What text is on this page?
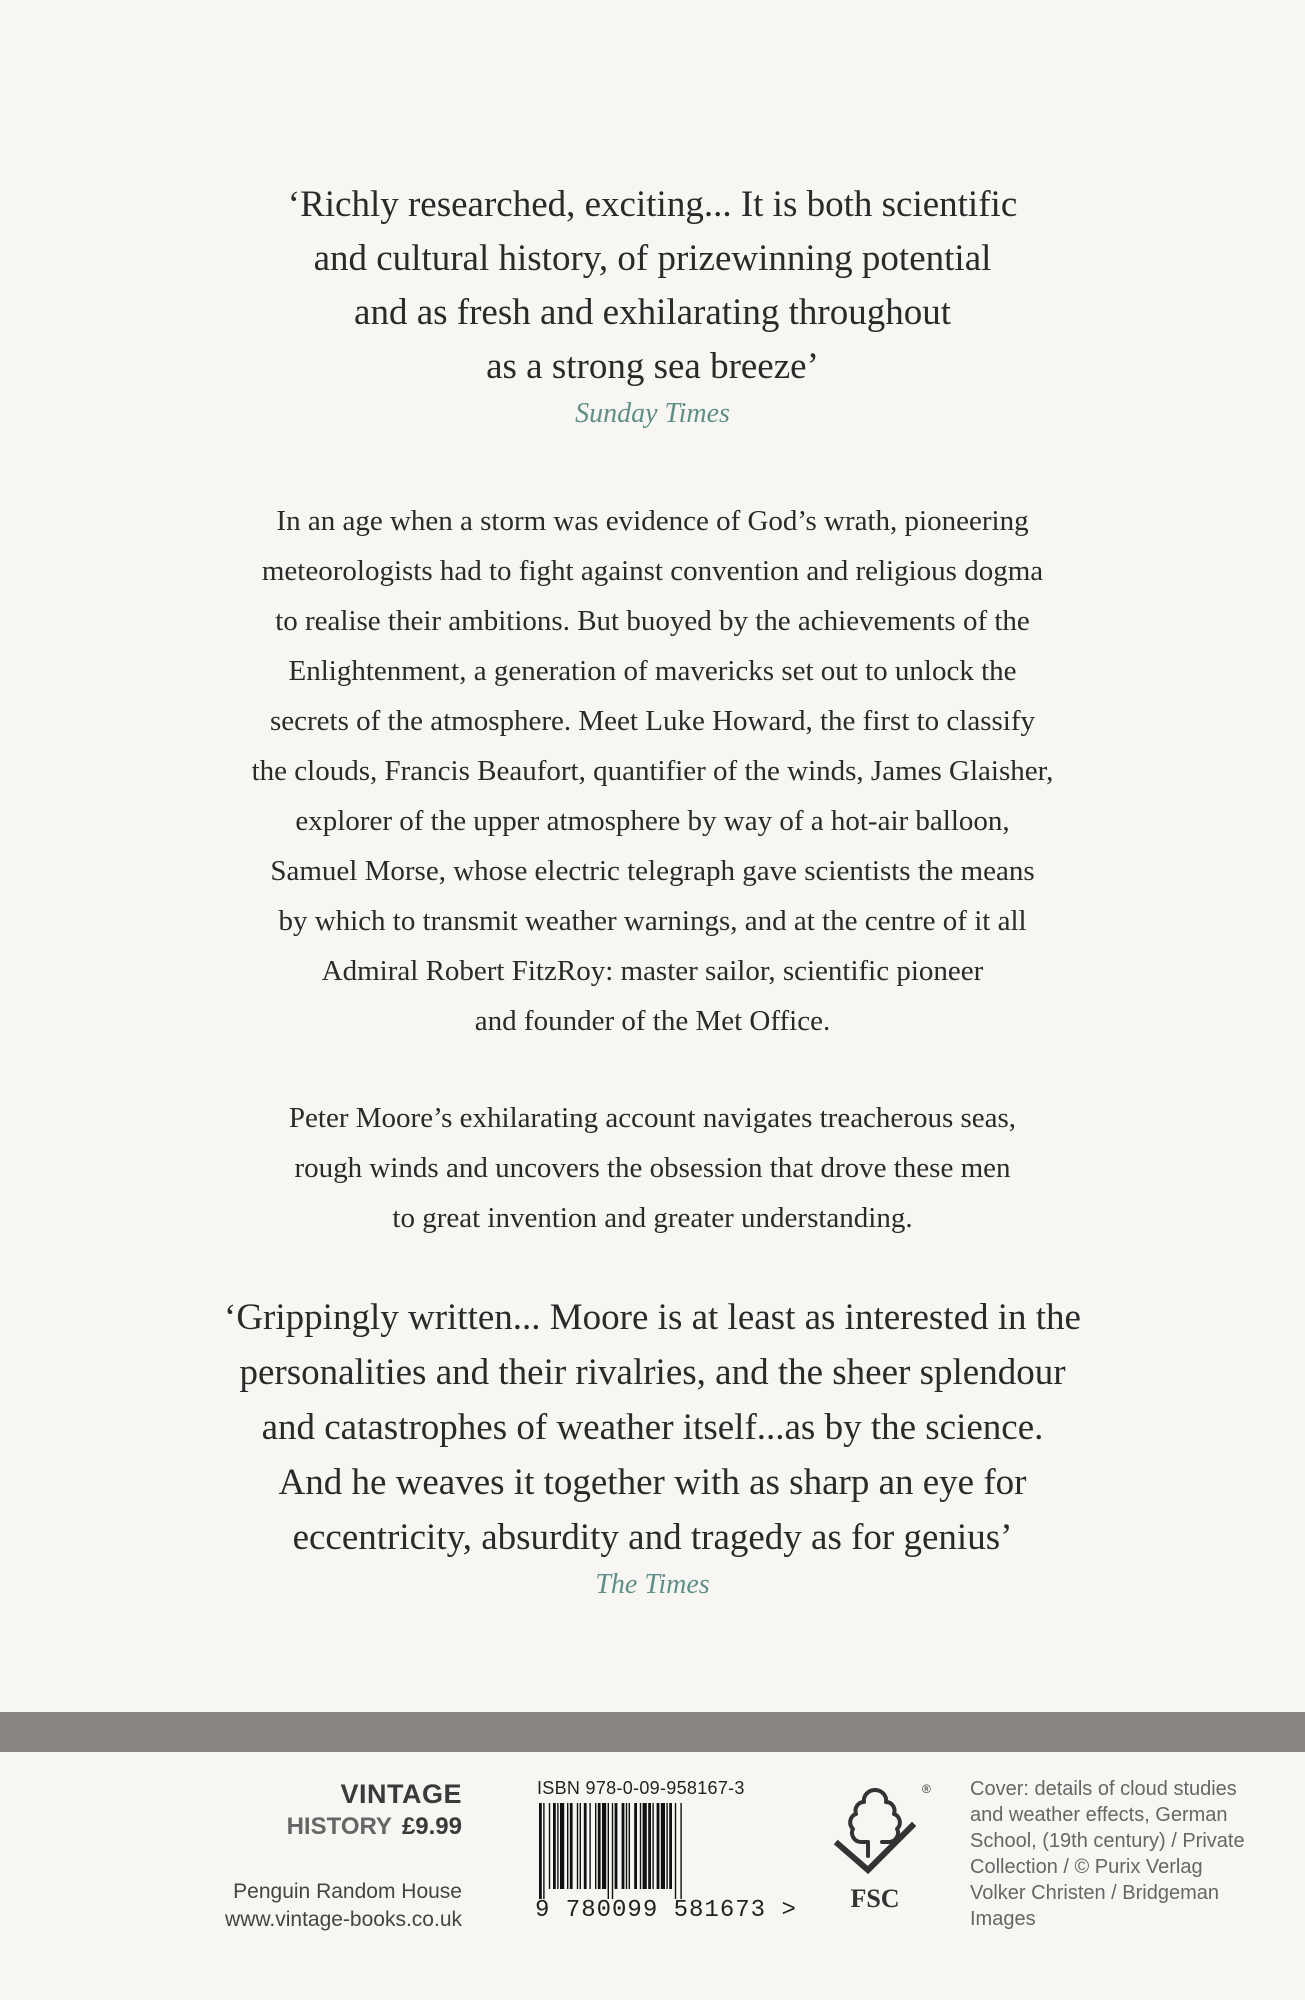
‘Richly researched, exciting... It is both scientific
and cultural history, of prizewinning potential
and as fresh and exhilarating throughout
as a strong sea breeze’
Sunday Times
In an age when a storm was evidence of God’s wrath, pioneering
meteorologists had to fight against convention and religious dogma
to realise their ambitions. But buoyed by the achievements of the
Enlightenment, a generation of mavericks set out to unlock the
secrets of the atmosphere. Meet Luke Howard, the first to classify
the clouds, Francis Beaufort, quantifier of the winds, James Glaisher,
explorer of the upper atmosphere by way of a hot-air balloon,
Samuel Morse, whose electric telegraph gave scientists the means
by which to transmit weather warnings, and at the centre of it all
Admiral Robert FitzRoy: master sailor, scientific pioneer
and founder of the Met Office.
Peter Moore’s exhilarating account navigates treacherous seas,
rough winds and uncovers the obsession that drove these men
to great invention and greater understanding.
‘Grippingly written... Moore is at least as interested in the
personalities and their rivalries, and the sheer splendour
and catastrophes of weather itself...as by the science.
And he weaves it together with as sharp an eye for
eccentricity, absurdity and tragedy as for genius’
The Times
VINTAGE
HISTORY £9.99
Penguin Random House
www.vintage-books.co.uk
ISBN 978-0-09-958167-3
9 780099 581673 >
®
FSC
Cover: details of cloud studies
and weather effects, German
School, (19th century) / Private
Collection / © Purix Verlag
Volker Christen / Bridgeman
Images
